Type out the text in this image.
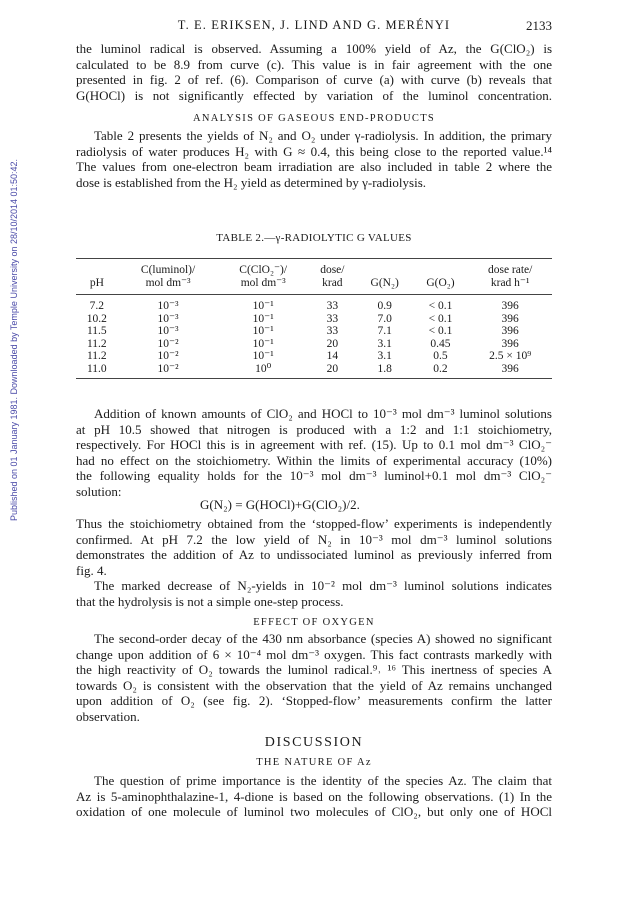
T. E. ERIKSEN, J. LIND AND G. MERÉNYI	2133
Published on 01 January 1981. Downloaded by Temple University on 28/10/2014 01:50:42.
the luminol radical is observed. Assuming a 100% yield of Az, the G(ClO₂) is
calculated to be 8.9 from curve (c). This value is in fair agreement with the one
presented in fig. 2 of ref. (6). Comparison of curve (a) with curve (b) reveals that
G(HOCl) is not significantly effected by variation of the luminol concentration.
ANALYSIS OF GASEOUS END-PRODUCTS
Table 2 presents the yields of N₂ and O₂ under γ-radiolysis. In addition, the primary
radiolysis of water produces H₂ with G ≈ 0.4, this being close to the reported value.¹⁴
The values from one-electron beam irradiation are also included in table 2 where the
dose is established from the H₂ yield as determined by γ-radiolysis.
TABLE 2.—γ-RADIOLYTIC G VALUES
	C(luminol)/	C(ClO₂⁻)/	dose/			dose rate/
pH	mol dm⁻³	mol dm⁻³	krad	G(N₂)	G(O₂)	krad h⁻¹
7.2	10⁻³	10⁻¹	33	0.9	< 0.1	396
10.2	10⁻³	10⁻¹	33	7.0	< 0.1	396
11.5	10⁻³	10⁻¹	33	7.1	< 0.1	396
11.2	10⁻²	10⁻¹	20	3.1	0.45	396
11.2	10⁻²	10⁻¹	14	3.1	0.5	2.5 × 10⁹
11.0	10⁻²	10⁰	20	1.8	0.2	396
Addition of known amounts of ClO₂ and HOCl to 10⁻³ mol dm⁻³ luminol solutions
at pH 10.5 showed that nitrogen is produced with a 1:2 and 1:1 stoichiometry,
respectively. For HOCl this is in agreement with ref. (15). Up to 0.1 mol dm⁻³ ClO₂⁻
had no effect on the stoichiometry. Within the limits of experimental accuracy (10%)
the following equality holds for the 10⁻³ mol dm⁻³ luminol+0.1 mol dm⁻³ ClO₂⁻
solution:
G(N₂) = G(HOCl)+G(ClO₂)/2.
Thus the stoichiometry obtained from the ‘stopped-flow’ experiments is independently
confirmed. At pH 7.2 the low yield of N₂ in 10⁻³ mol dm⁻³ luminol solutions
demonstrates the addition of Az to undissociated luminol as previously inferred from
fig. 4.
The marked decrease of N₂-yields in 10⁻² mol dm⁻³ luminol solutions indicates
that the hydrolysis is not a simple one-step process.
EFFECT OF OXYGEN
The second-order decay of the 430 nm absorbance (species A) showed no significant
change upon addition of 6 × 10⁻⁴ mol dm⁻³ oxygen. This fact contrasts markedly with
the high reactivity of O₂ towards the luminol radical.⁹˒ ¹⁶ This inertness of species A
towards O₂ is consistent with the observation that the yield of Az remains unchanged
upon addition of O₂ (see fig. 2). ‘Stopped-flow’ measurements confirm the latter
observation.
DISCUSSION
THE NATURE OF Az
The question of prime importance is the identity of the species Az. The claim that
Az is 5-aminophthalazine-1, 4-dione is based on the following observations. (1) In the
oxidation of one molecule of luminol two molecules of ClO₂, but only one of HOCl
